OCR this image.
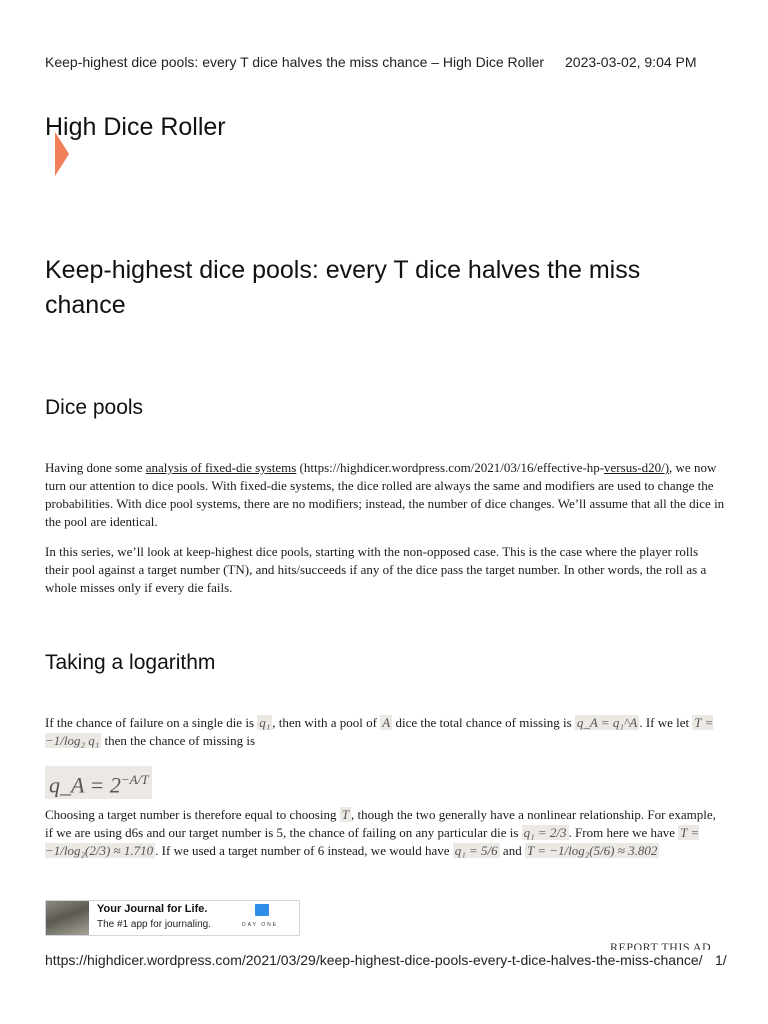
Keep-highest dice pools: every T dice halves the miss chance – High Dice Roller 2023-03-02, 9:04 PM
High Dice Roller
Keep-highest dice pools: every T dice halves the miss chance
Dice pools

Having done some analysis of fixed-die systems (https://highdicer.wordpress.com/2021/03/16/effective-hp-versus-d20/), we now turn our attention to dice pools. With fixed-die systems, the dice rolled are always the same and modifiers are used to change the probabilities. With dice pool systems, there are no modifiers; instead, the number of dice changes. We’ll assume that all the dice in the pool are identical.

In this series, we’ll look at keep-highest dice pools, starting with the non-opposed case. This is the case where the player rolls their pool against a target number (TN), and hits/succeeds if any of the dice pass the target number. In other words, the roll as a whole misses only if every die fails.

Taking a logarithm

If the chance of failure on a single die is q₁ , then with a pool of A dice the total chance of missing is q_A = q₁^A . If we let T = −1/log₂ q₁ then the chance of missing is

q_A = $2^{-A/T}$

Choosing a target number is therefore equal to choosing T , though the two generally have a nonlinear relationship. For example, if we are using d6s and our target number is 5, the chance of failing on any particular die is q₁ = 2/3 . From here we have T = −1/log₂(2/3) ≈ 1.710 . If we used a target number of 6 instead, we would have q₁ = 5/6 and T = −1/log₂(5/6) ≈ 3.802

Your Journal for Life.
The #1 app for journaling.	DAY ONE
REPORT THIS AD
https://highdicer.wordpress.com/2021/03/29/keep-highest-dice-pools-every-t-dice-halves-the-miss-chance/ 1/
